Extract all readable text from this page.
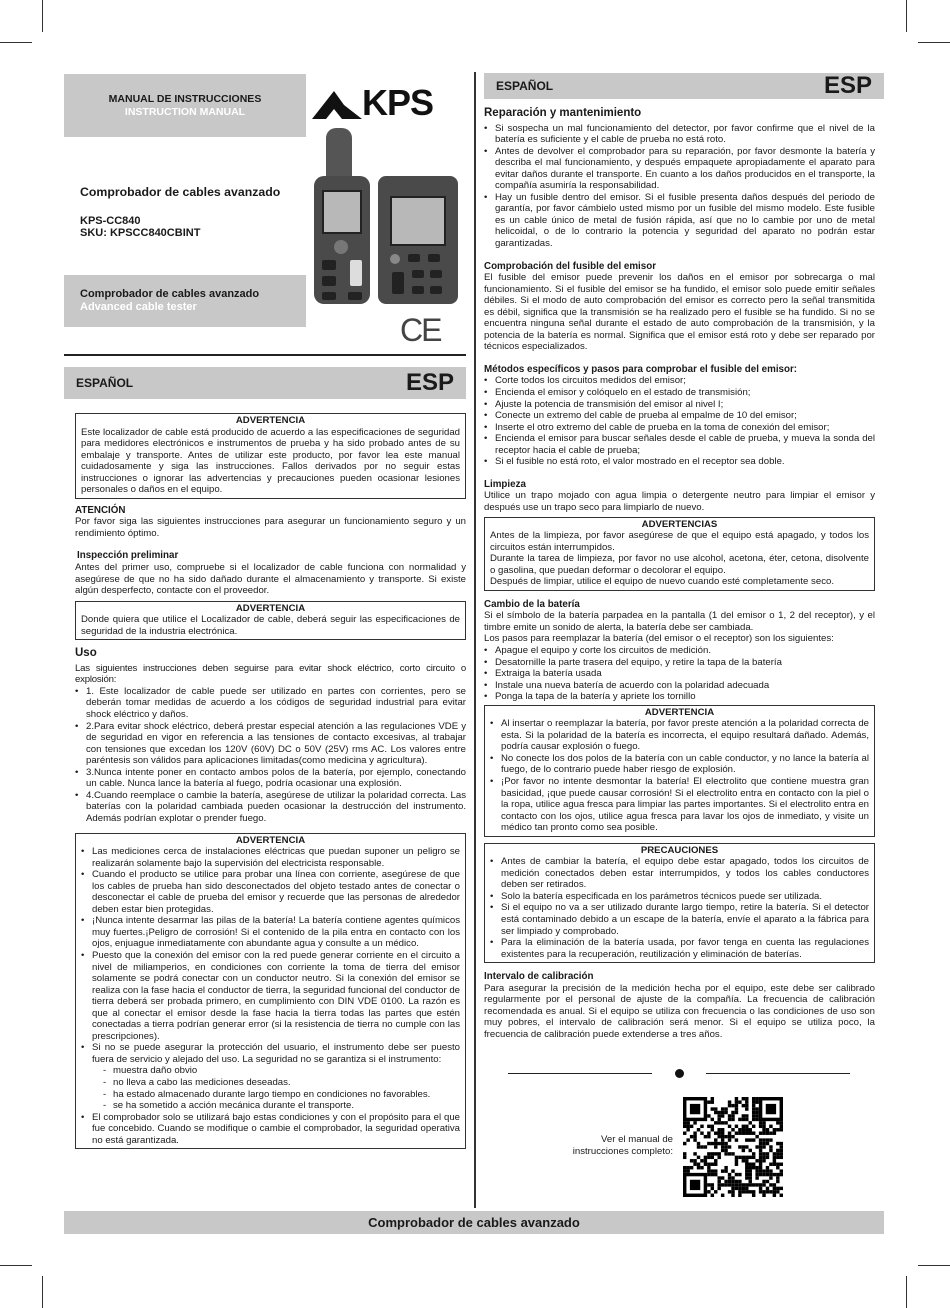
MANUAL DE INSTRUCCIONES
INSTRUCTION MANUAL	KPS
Comprobador de cables avanzado
KPS-CC840
SKU: KPSCC840CBINT
Comprobador de cables avanzado
Advanced cable tester
CE
ESPAÑOL	ESP
ADVERTENCIA

Este localizador de cable está producido de acuerdo a las especificaciones de seguridad para medidores electrónicos e instrumentos de prueba y ha sido probado antes de su embalaje y transporte. Antes de utilizar este producto, por favor lea este manual cuidadosamente y siga las instrucciones. Fallos derivados por no seguir estas instrucciones o ignorar las advertencias y precauciones pueden ocasionar lesiones personales o daños en el equipo.

ATENCIÓN

Por favor siga las siguientes instrucciones para asegurar un funcionamiento seguro y un rendimiento óptimo.

Inspección preliminar

Antes del primer uso, compruebe si el localizador de cable funciona con normalidad y asegúrese de que no ha sido dañado durante el almacenamiento y transporte. Si existe algún desperfecto, contacte con el proveedor.

ADVERTENCIA

Donde quiera que utilice el Localizador de cable, deberá seguir las especificaciones de seguridad de la industria electrónica.

Uso

Las siguientes instrucciones deben seguirse para evitar shock eléctrico, corto circuito o explosión:

• 1. Este localizador de cable puede ser utilizado en partes con corrientes, pero se deberán tomar medidas de acuerdo a los códigos de seguridad industrial para evitar shock eléctrico y daños.
• 2.Para evitar shock eléctrico, deberá prestar especial atención a las regulaciones VDE y de seguridad en vigor en referencia a las tensiones de contacto excesivas, al trabajar con tensiones que excedan los 120V (60V) DC o 50V (25V) rms AC. Los valores entre paréntesis son válidos para aplicaciones limitadas(como medicina y agricultura).
• 3.Nunca intente poner en contacto ambos polos de la batería, por ejemplo, conectando un cable. Nunca lance la batería al fuego, podría ocasionar una explosión.
• 4.Cuando reemplace o cambie la batería, asegúrese de utilizar la polaridad correcta. Las baterías con la polaridad cambiada pueden ocasionar la destrucción del instrumento. Además podrían explotar o prender fuego.
ADVERTENCIA
• Las mediciones cerca de instalaciones eléctricas que puedan suponer un peligro se realizarán solamente bajo la supervisión del electricista responsable.
• Cuando el producto se utilice para probar una línea con corriente, asegúrese de que los cables de prueba han sido desconectados del objeto testado antes de conectar o desconectar el cable de prueba del emisor y recuerde que las personas de alrededor deben estar bien protegidas.
• ¡Nunca intente desarmar las pilas de la batería! La batería contiene agentes químicos muy fuertes.¡Peligro de corrosión! Si el contenido de la pila entra en contacto con los ojos, enjuague inmediatamente con abundante agua y consulte a un médico.
• Puesto que la conexión del emisor con la red puede generar corriente en el circuito a nivel de miliamperios, en condiciones con corriente la toma de tierra del emisor solamente se podrá conectar con un conductor neutro. Si la conexión del emisor se realiza con la fase hacia el conductor de tierra, la seguridad funcional del conductor de tierra deberá ser probada primero, en cumplimiento con DIN VDE 0100. La razón es que al conectar el emisor desde la fase hacia la tierra todas las partes que estén conectadas a tierra podrían generar error (si la resistencia de tierra no cumple con las prescripciones).
• Si no se puede asegurar la protección del usuario, el instrumento debe ser puesto fuera de servicio y alejado del uso. La seguridad no se garantiza si el instrumento:
- muestra daño obvio
- no lleva a cabo las mediciones deseadas.
- ha estado almacenado durante largo tiempo en condiciones no favorables.
- se ha sometido a acción mecánica durante el transporte.
• El comprobador solo se utilizará bajo estas condiciones y con el propósito para el que fue concebido. Cuando se modifique o cambie el comprobador, la seguridad operativa no está garantizada.
ESPAÑOL	ESP
Reparación y mantenimiento
• Si sospecha un mal funcionamiento del detector, por favor confirme que el nivel de la batería es suficiente y el cable de prueba no está roto.
• Antes de devolver el comprobador para su reparación, por favor desmonte la batería y describa el mal funcionamiento, y después empaquete apropiadamente el aparato para evitar daños durante el transporte. En cuanto a los daños producidos en el transporte, la compañía asumiría la responsabilidad.
• Hay un fusible dentro del emisor. Si el fusible presenta daños después del periodo de garantía, por favor cámbielo usted mismo por un fusible del mismo modelo. Este fusible es un cable único de metal de fusión rápida, así que no lo cambie por uno de metal helicoidal, o de lo contrario la potencia y seguridad del aparato no podrán estar garantizadas.
Comprobación del fusible del emisor

El fusible del emisor puede prevenir los daños en el emisor por sobrecarga o mal funcionamiento. Si el fusible del emisor se ha fundido, el emisor solo puede emitir señales débiles. Si el modo de auto comprobación del emisor es correcto pero la señal transmitida es débil, significa que la transmisión se ha realizado pero el fusible se ha fundido. Si no se encuentra ninguna señal durante el estado de auto comprobación de la transmisión, y la potencia de la batería es normal. Significa que el emisor está roto y debe ser reparado por técnicos especializados.

Métodos específicos y pasos para comprobar el fusible del emisor:
• Corte todos los circuitos medidos del emisor;
• Encienda el emisor y colóquelo en el estado de transmisión;
• Ajuste la potencia de transmisión del emisor al nivel I;
• Conecte un extremo del cable de prueba al empalme de 10 del emisor;
• Inserte el otro extremo del cable de prueba en la toma de conexión del emisor;
• Encienda el emisor para buscar señales desde el cable de prueba, y mueva la sonda del receptor hacia el cable de prueba;
• Si el fusible no está roto, el valor mostrado en el receptor sea doble.
Limpieza

Utilice un trapo mojado con agua limpia o detergente neutro para limpiar el emisor y después use un trapo seco para limpiarlo de nuevo.

ADVERTENCIAS

Antes de la limpieza, por favor asegúrese de que el equipo está apagado, y todos los circuitos están interrumpidos.

Durante la tarea de limpieza, por favor no use alcohol, acetona, éter, cetona, disolvente o gasolina, que puedan deformar o decolorar el equipo.

Después de limpiar, utilice el equipo de nuevo cuando esté completamente seco.

Cambio de la batería

Si el símbolo de la batería parpadea en la pantalla (1 del emisor o 1, 2 del receptor), y el timbre emite un sonido de alerta, la batería debe ser cambiada.

Los pasos para reemplazar la batería (del emisor o el receptor) son los siguientes:

• Apague el equipo y corte los circuitos de medición.
• Desatornille la parte trasera del equipo, y retire la tapa de la batería
• Extraiga la batería usada
• Instale una nueva batería de acuerdo con la polaridad adecuada
• Ponga la tapa de la batería y apriete los tornillo
ADVERTENCIA
• Al insertar o reemplazar la batería, por favor preste atención a la polaridad correcta de esta. Si la polaridad de la batería es incorrecta, el equipo resultará dañado. Además, podría causar explosión o fuego.
• No conecte los dos polos de la batería con un cable conductor, y no lance la batería al fuego, de lo contrario puede haber riesgo de explosión.
• ¡Por favor no intente desmontar la batería! El electrolito que contiene muestra gran basicidad, ¡que puede causar corrosión! Si el electrolito entra en contacto con la piel o la ropa, utilice agua fresca para limpiar las partes importantes. Si el electrolito entra en contacto con los ojos, utilice agua fresca para lavar los ojos de inmediato, y visite un médico tan pronto como sea posible.
PRECAUCIONES
• Antes de cambiar la batería, el equipo debe estar apagado, todos los circuitos de medición conectados deben estar interrumpidos, y todos los cables conductores deben ser retirados.
• Solo la batería especificada en los parámetros técnicos puede ser utilizada.
• Si el equipo no va a ser utilizado durante largo tiempo, retire la batería. Si el detector está contaminado debido a un escape de la batería, envíe el aparato a la fábrica para ser limpiado y comprobado.
• Para la eliminación de la batería usada, por favor tenga en cuenta las regulaciones existentes para la recuperación, reutilización y eliminación de baterías.
Intervalo de calibración

Para asegurar la precisión de la medición hecha por el equipo, este debe ser calibrado regularmente por el personal de ajuste de la compañía. La frecuencia de calibración recomendada es anual. Si el equipo se utiliza con frecuencia o las condiciones de uso son muy pobres, el intervalo de calibración será menor. Si el equipo se utiliza poco, la frecuencia de calibración puede extenderse a tres años.

Ver el manual de
instrucciones completo:
Comprobador de cables avanzado
